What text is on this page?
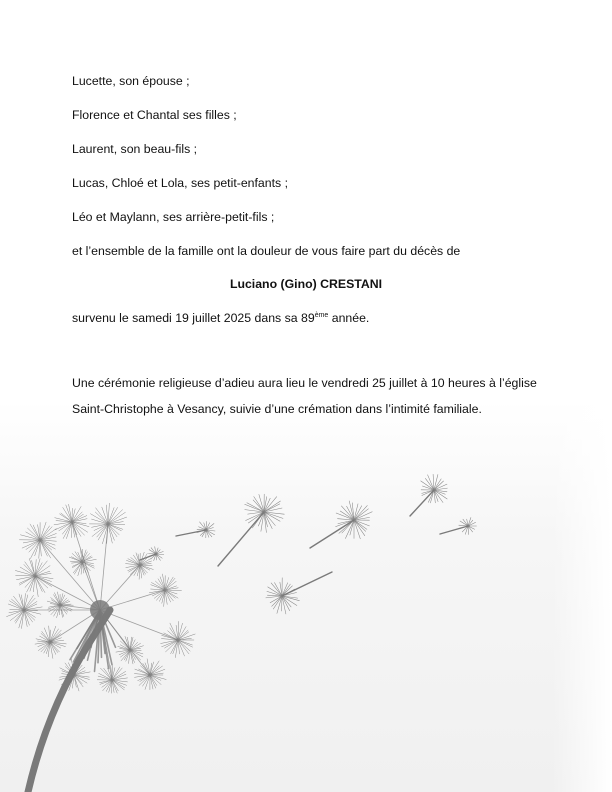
Lucette, son épouse ;
Florence et Chantal ses filles ;
Laurent, son beau-fils ;
Lucas, Chloé et Lola, ses petit-enfants ;
Léo et Maylann, ses arrière-petit-fils ;
et l’ensemble de la famille ont la douleur de vous faire part du décès de
Luciano (Gino) CRESTANI
survenu le samedi 19 juillet 2025 dans sa 89ème année.
Une cérémonie religieuse d’adieu aura lieu le vendredi 25 juillet à 10 heures à l’église Saint-Christophe à Vesancy, suivie d’une crémation dans l’intimité familiale.
